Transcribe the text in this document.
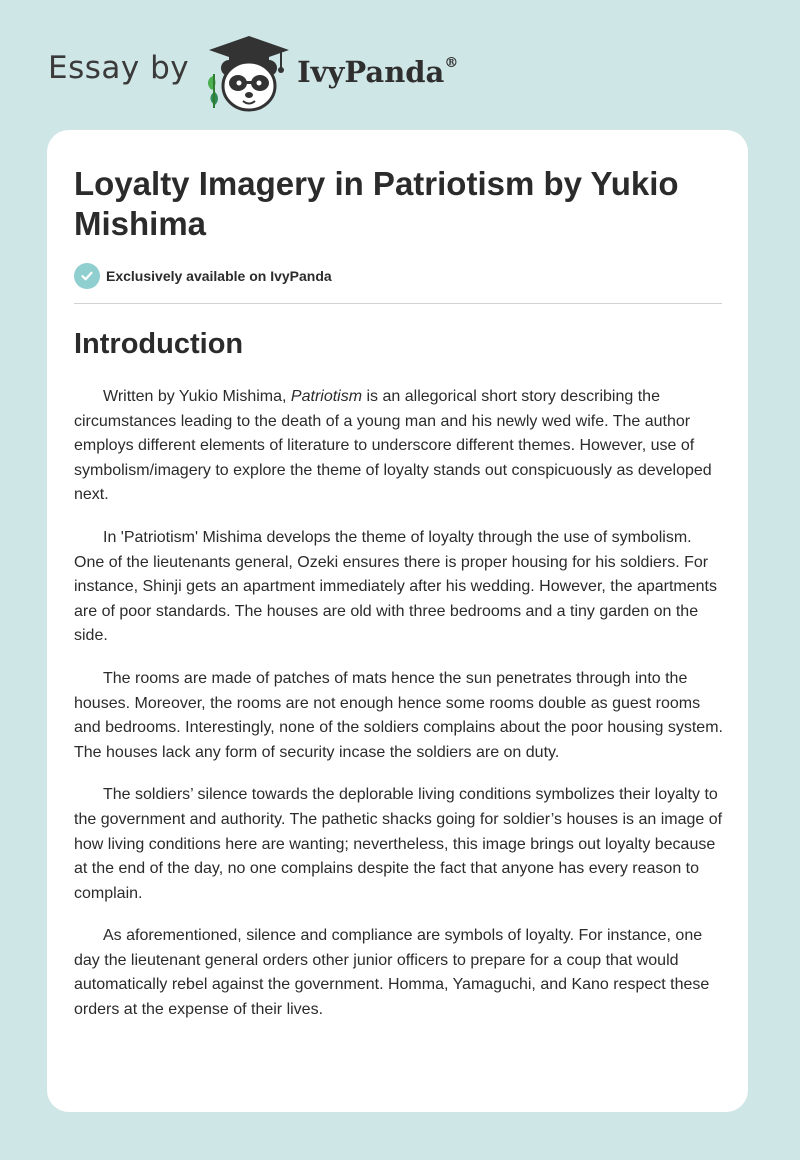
Essay by	IvyPanda®
Loyalty Imagery in Patriotism by Yukio Mishima
Exclusively available on IvyPanda
Introduction

Written by Yukio Mishima, Patriotism is an allegorical short story describing the circumstances leading to the death of a young man and his newly wed wife. The author employs different elements of literature to underscore different themes. However, use of symbolism/imagery to explore the theme of loyalty stands out conspicuously as developed next.

In 'Patriotism' Mishima develops the theme of loyalty through the use of symbolism. One of the lieutenants general, Ozeki ensures there is proper housing for his soldiers. For instance, Shinji gets an apartment immediately after his wedding. However, the apartments are of poor standards. The houses are old with three bedrooms and a tiny garden on the side.

The rooms are made of patches of mats hence the sun penetrates through into the houses. Moreover, the rooms are not enough hence some rooms double as guest rooms and bedrooms. Interestingly, none of the soldiers complains about the poor housing system. The houses lack any form of security incase the soldiers are on duty.

The soldiers’ silence towards the deplorable living conditions symbolizes their loyalty to the government and authority. The pathetic shacks going for soldier’s houses is an image of how living conditions here are wanting; nevertheless, this image brings out loyalty because at the end of the day, no one complains despite the fact that anyone has every reason to complain.

As aforementioned, silence and compliance are symbols of loyalty. For instance, one day the lieutenant general orders other junior officers to prepare for a coup that would automatically rebel against the government. Homma, Yamaguchi, and Kano respect these orders at the expense of their lives.
